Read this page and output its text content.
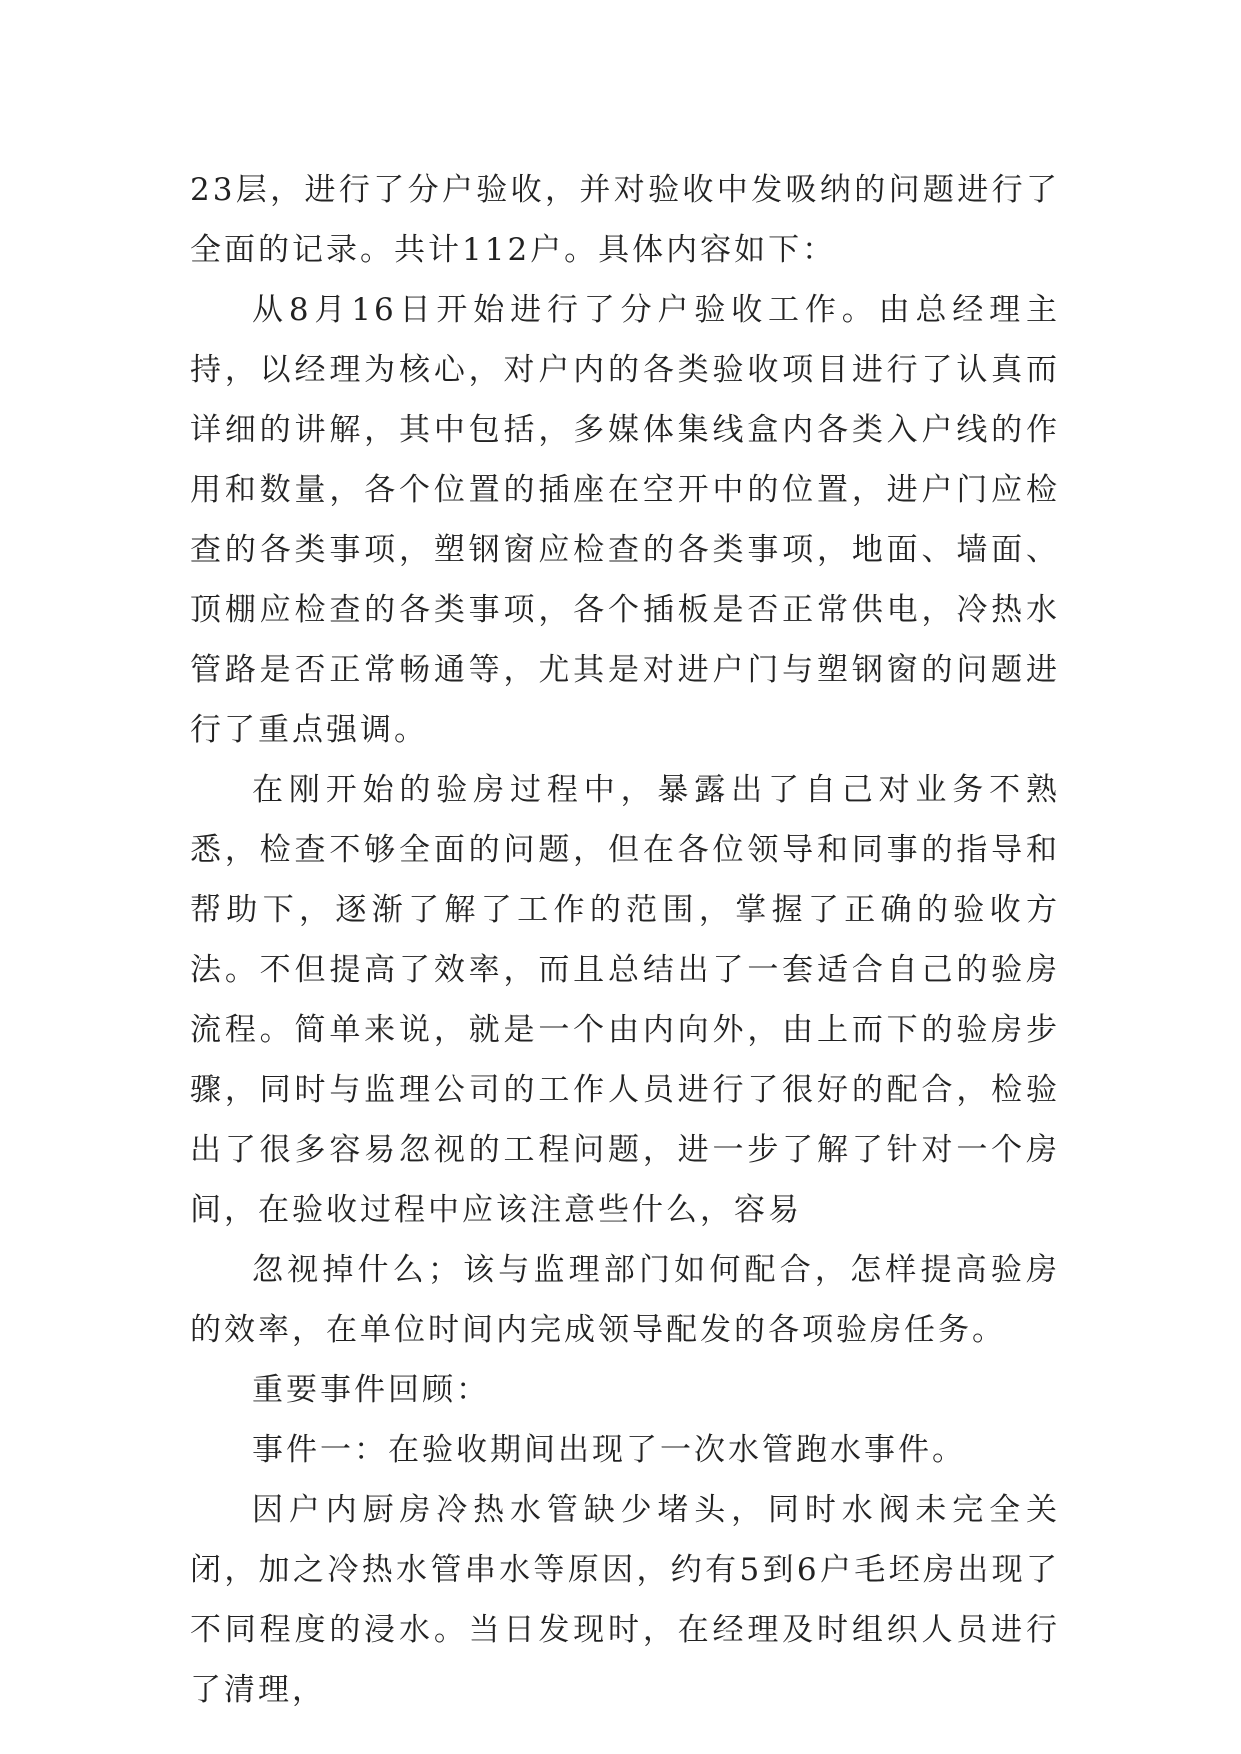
23层，进行了分户验收，并对验收中发吸纳的问题进行了全面的记录。共计112户。具体内容如下：

从8月16日开始进行了分户验收工作。由总经理主持，以经理为核心，对户内的各类验收项目进行了认真而详细的讲解，其中包括，多媒体集线盒内各类入户线的作用和数量，各个位置的插座在空开中的位置，进户门应检查的各类事项，塑钢窗应检查的各类事项，地面、墙面、顶棚应检查的各类事项，各个插板是否正常供电，冷热水管路是否正常畅通等，尤其是对进户门与塑钢窗的问题进行了重点强调。

在刚开始的验房过程中，暴露出了自己对业务不熟悉，检查不够全面的问题，但在各位领导和同事的指导和帮助下，逐渐了解了工作的范围，掌握了正确的验收方法。不但提高了效率，而且总结出了一套适合自己的验房流程。简单来说，就是一个由内向外，由上而下的验房步骤，同时与监理公司的工作人员进行了很好的配合，检验出了很多容易忽视的工程问题，进一步了解了针对一个房间，在验收过程中应该注意些什么，容易

忽视掉什么；该与监理部门如何配合，怎样提高验房的效率，在单位时间内完成领导配发的各项验房任务。

重要事件回顾：

事件一：在验收期间出现了一次水管跑水事件。

因户内厨房冷热水管缺少堵头，同时水阀未完全关闭，加之冷热水管串水等原因，约有5到6户毛坯房出现了不同程度的浸水。当日发现时，在经理及时组织人员进行了清理，
